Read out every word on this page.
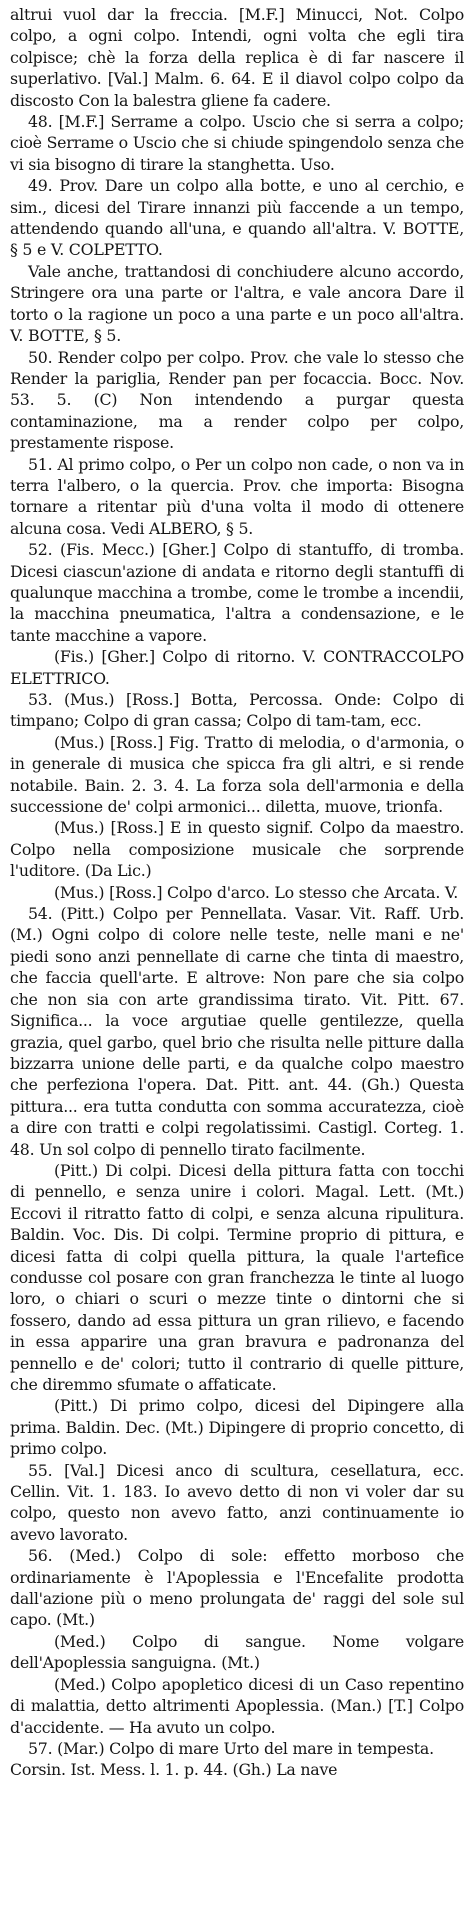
altrui vuol dar la freccia. [M.F.] Minucci, Not. Colpo colpo, a ogni colpo. Intendi, ogni volta che egli tira colpisce; chè la forza della replica è di far nascere il superlativo. [Val.] Malm. 6. 64. E il diavol colpo colpo da discosto Con la balestra gliene fa cadere.

48. [M.F.] Serrame a colpo. Uscio che si serra a colpo; cioè Serrame o Uscio che si chiude spingendolo senza che vi sia bisogno di tirare la stanghetta. Uso.

49. Prov. Dare un colpo alla botte, e uno al cerchio, e sim., dicesi del Tirare innanzi più faccende a un tempo, attendendo quando all'una, e quando all'altra. V. BOTTE, § 5 e V. COLPETTO.

Vale anche, trattandosi di conchiudere alcuno accordo, Stringere ora una parte or l'altra, e vale ancora Dare il torto o la ragione un poco a una parte e un poco all'altra. V. BOTTE, § 5.

50. Render colpo per colpo. Prov. che vale lo stesso che Render la pariglia, Render pan per focaccia. Bocc. Nov. 53. 5. (C) Non intendendo a purgar questa contaminazione, ma a render colpo per colpo, prestamente rispose.

51. Al primo colpo, o Per un colpo non cade, o non va in terra l'albero, o la quercia. Prov. che importa: Bisogna tornare a ritentar più d'una volta il modo di ottenere alcuna cosa. Vedi ALBERO, § 5.

52. (Fis. Mecc.) [Gher.] Colpo di stantuffo, di tromba. Dicesi ciascun'azione di andata e ritorno degli stantuffi di qualunque macchina a trombe, come le trombe a incendii, la macchina pneumatica, l'altra a condensazione, e le tante macchine a vapore.

(Fis.) [Gher.] Colpo di ritorno. V. CONTRACCOLPO ELETTRICO.

53. (Mus.) [Ross.] Botta, Percossa. Onde: Colpo di timpano; Colpo di gran cassa; Colpo di tam-tam, ecc.

(Mus.) [Ross.] Fig. Tratto di melodia, o d'armonia, o in generale di musica che spicca fra gli altri, e si rende notabile. Bain. 2. 3. 4. La forza sola dell'armonia e della successione de' colpi armonici... diletta, muove, trionfa.

(Mus.) [Ross.] E in questo signif. Colpo da maestro. Colpo nella composizione musicale che sorprende l'uditore. (Da Lic.)

(Mus.) [Ross.] Colpo d'arco. Lo stesso che Arcata. V.

54. (Pitt.) Colpo per Pennellata. Vasar. Vit. Raff. Urb. (M.) Ogni colpo di colore nelle teste, nelle mani e ne' piedi sono anzi pennellate di carne che tinta di maestro, che faccia quell'arte. E altrove: Non pare che sia colpo che non sia con arte grandissima tirato. Vit. Pitt. 67. Significa... la voce argutiae quelle gentilezze, quella grazia, quel garbo, quel brio che risulta nelle pitture dalla bizzarra unione delle parti, e da qualche colpo maestro che perfeziona l'opera. Dat. Pitt. ant. 44. (Gh.) Questa pittura... era tutta condutta con somma accuratezza, cioè a dire con tratti e colpi regolatissimi. Castigl. Corteg. 1. 48. Un sol colpo di pennello tirato facilmente.

(Pitt.) Di colpi. Dicesi della pittura fatta con tocchi di pennello, e senza unire i colori. Magal. Lett. (Mt.) Eccovi il ritratto fatto di colpi, e senza alcuna ripulitura. Baldin. Voc. Dis. Di colpi. Termine proprio di pittura, e dicesi fatta di colpi quella pittura, la quale l'artefice condusse col posare con gran franchezza le tinte al luogo loro, o chiari o scuri o mezze tinte o dintorni che si fossero, dando ad essa pittura un gran rilievo, e facendo in essa apparire una gran bravura e padronanza del pennello e de' colori; tutto il contrario di quelle pitture, che diremmo sfumate o affaticate.

(Pitt.) Di primo colpo, dicesi del Dipingere alla prima. Baldin. Dec. (Mt.) Dipingere di proprio concetto, di primo colpo.

55. [Val.] Dicesi anco di scultura, cesellatura, ecc. Cellin. Vit. 1. 183. Io avevo detto di non vi voler dar su colpo, questo non avevo fatto, anzi continuamente io avevo lavorato.

56. (Med.) Colpo di sole: effetto morboso che ordinariamente è l'Apoplessia e l'Encefalite prodotta dall'azione più o meno prolungata de' raggi del sole sul capo. (Mt.)

(Med.) Colpo di sangue. Nome volgare dell'Apoplessia sanguigna. (Mt.)

(Med.) Colpo apopletico dicesi di un Caso repentino di malattia, detto altrimenti Apoplessia. (Man.) [T.] Colpo d'accidente. — Ha avuto un colpo.

57. (Mar.) Colpo di mare Urto del mare in tempesta. Corsin. Ist. Mess. l. 1. p. 44. (Gh.) La nave
